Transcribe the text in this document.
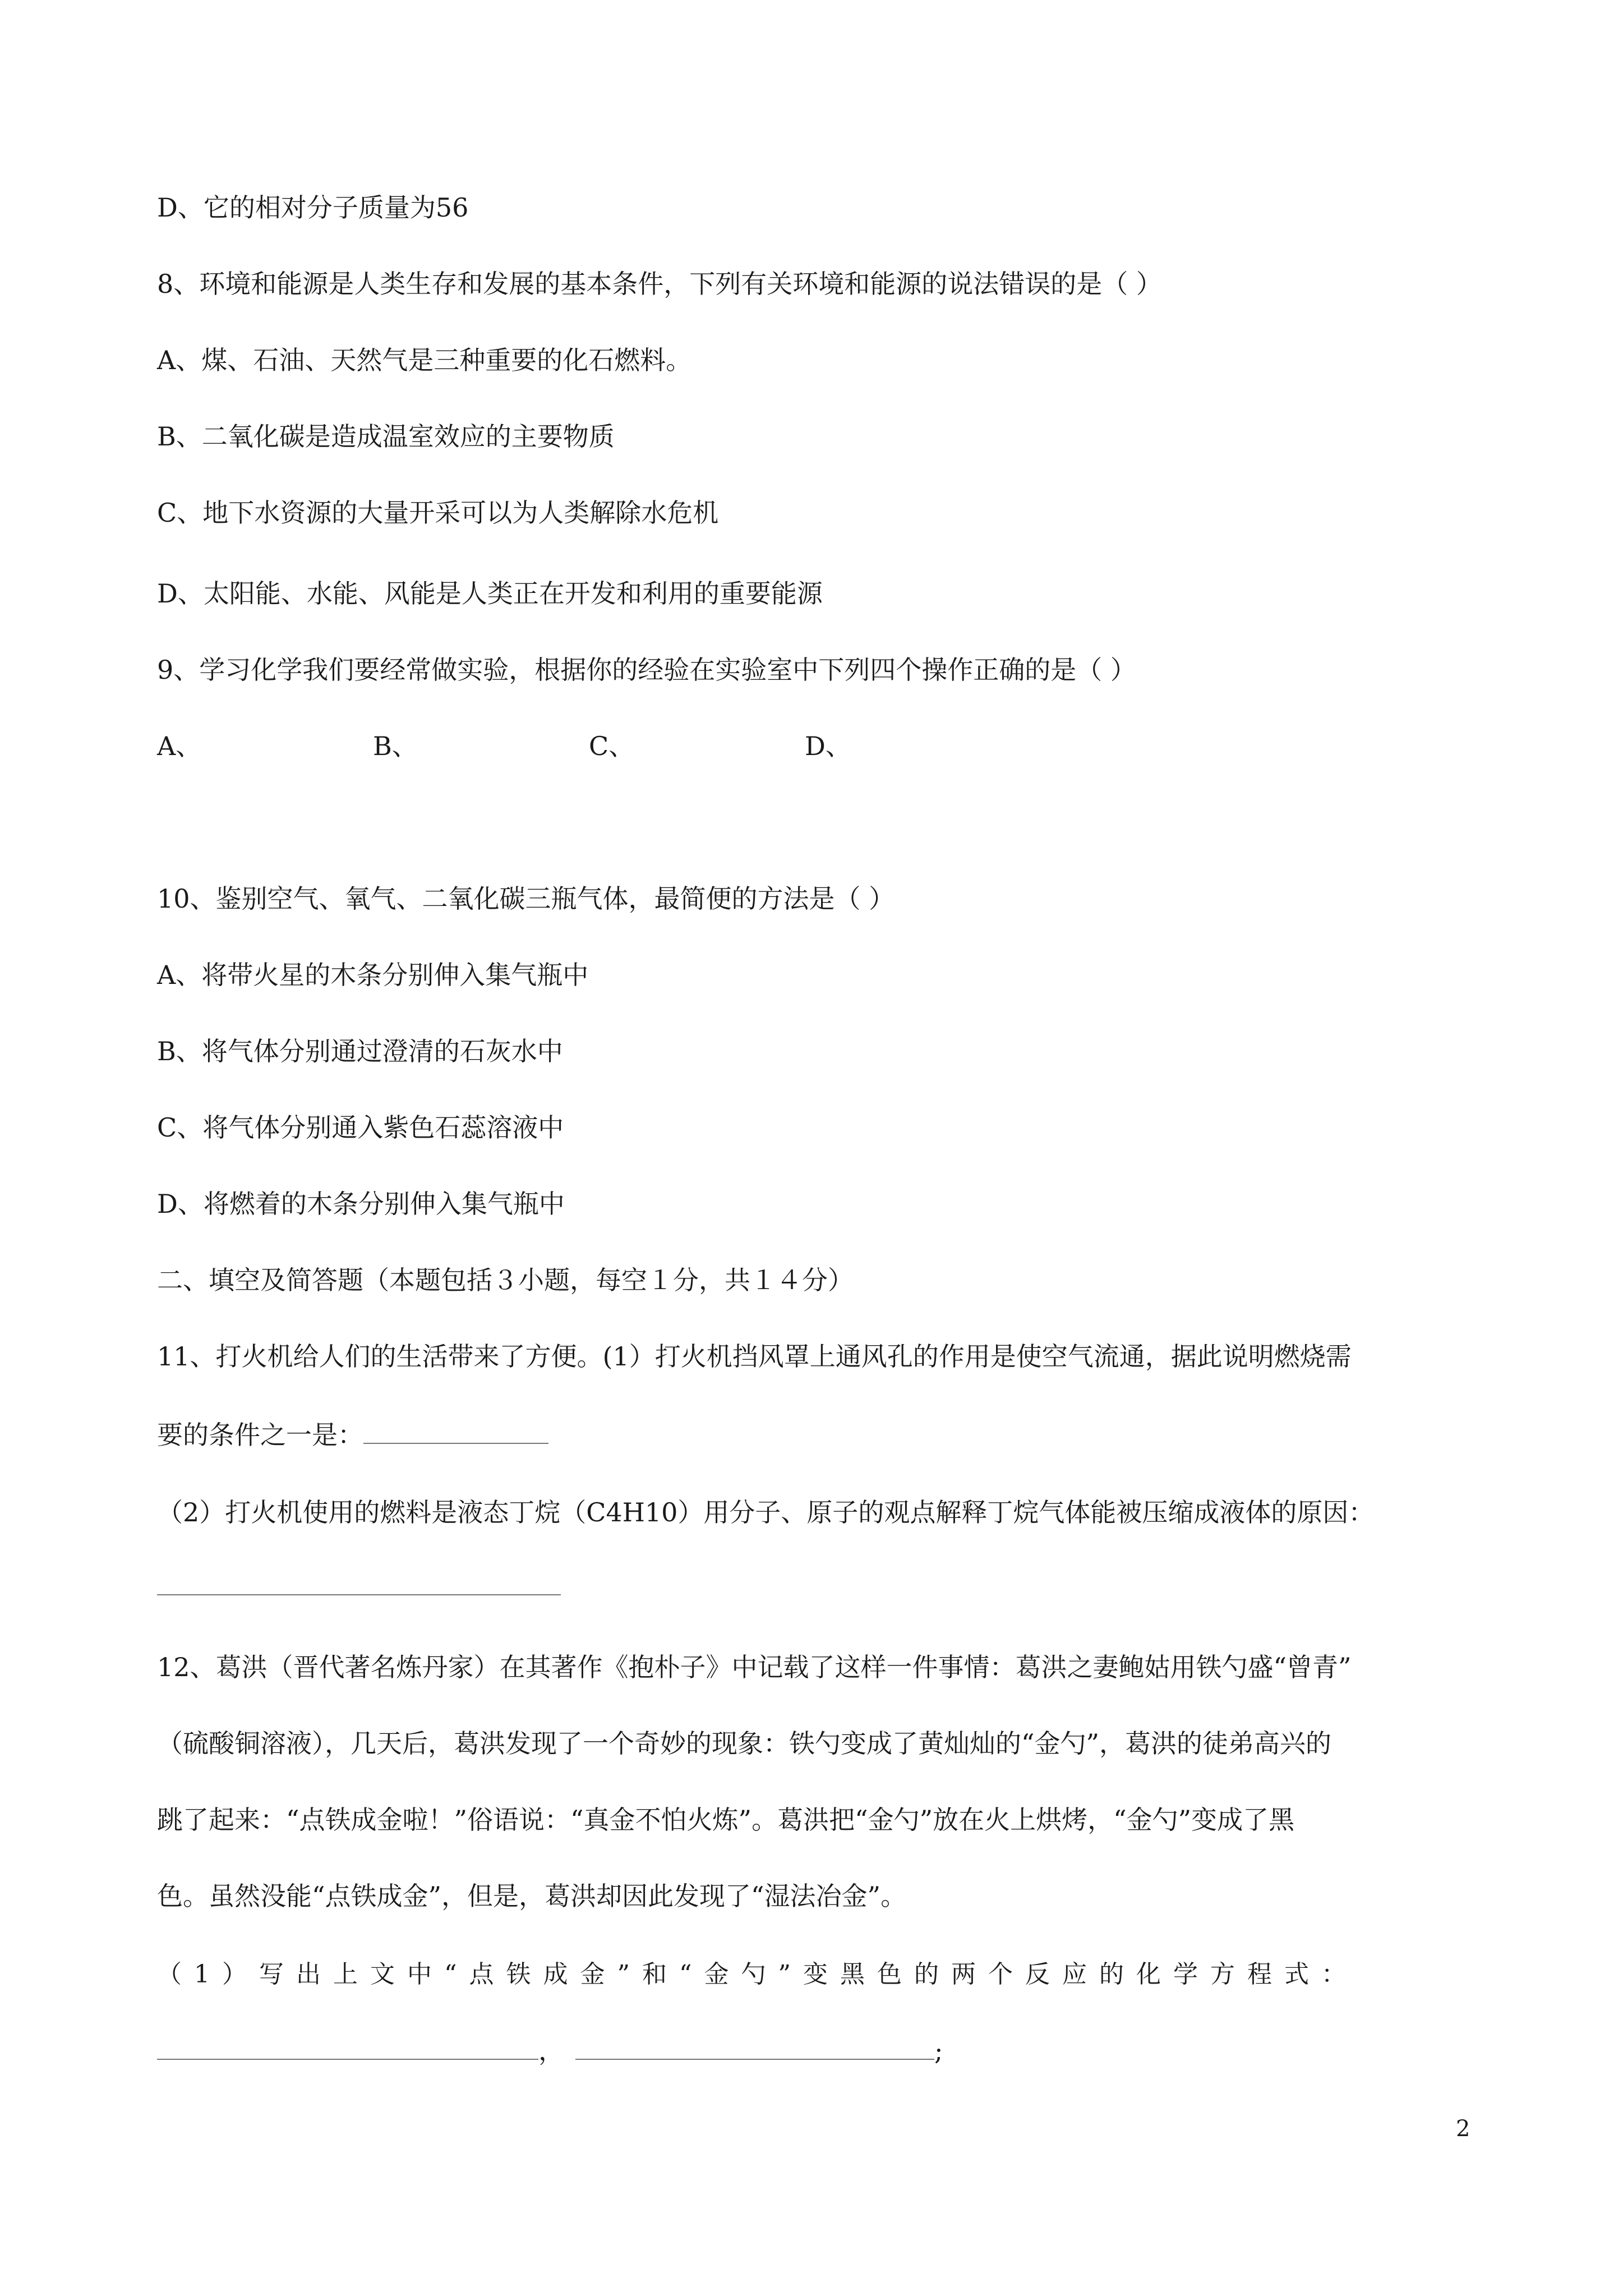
D、它的相对分子质量为56
8、环境和能源是人类生存和发展的基本条件，下列有关环境和能源的说法错误的是（ ）
A、煤、石油、天然气是三种重要的化石燃料。
B、二氧化碳是造成温室效应的主要物质
C、地下水资源的大量开采可以为人类解除水危机
D、太阳能、水能、风能是人类正在开发和利用的重要能源
9、学习化学我们要经常做实验，根据你的经验在实验室中下列四个操作正确的是（ ）
A、	B、	C、	D、
10、鉴别空气、氧气、二氧化碳三瓶气体，最简便的方法是（ ）
A、将带火星的木条分别伸入集气瓶中
B、将气体分别通过澄清的石灰水中
C、将气体分别通入紫色石蕊溶液中
D、将燃着的木条分别伸入集气瓶中
二、填空及简答题（本题包括３小题，每空１分，共１４分）
11、打火机给人们的生活带来了方便。(1）打火机挡风罩上通风孔的作用是使空气流通，据此说明燃烧需
要的条件之一是：
（2）打火机使用的燃料是液态丁烷（C4H10）用分子、原子的观点解释丁烷气体能被压缩成液体的原因：
12、葛洪（晋代著名炼丹家）在其著作《抱朴子》中记载了这样一件事情：葛洪之妻鲍姑用铁勺盛“曾青”
（硫酸铜溶液），几天后，葛洪发现了一个奇妙的现象：铁勺变成了黄灿灿的“金勺”，葛洪的徒弟高兴的
跳了起来：“点铁成金啦！”俗语说：“真金不怕火炼”。葛洪把“金勺”放在火上烘烤，“金勺”变成了黑
色。虽然没能“点铁成金”，但是，葛洪却因此发现了“湿法冶金”。
（1）写出上文中“点铁成金”和“金勺”变黑色的两个反应的化学方程式：
，	;
2
